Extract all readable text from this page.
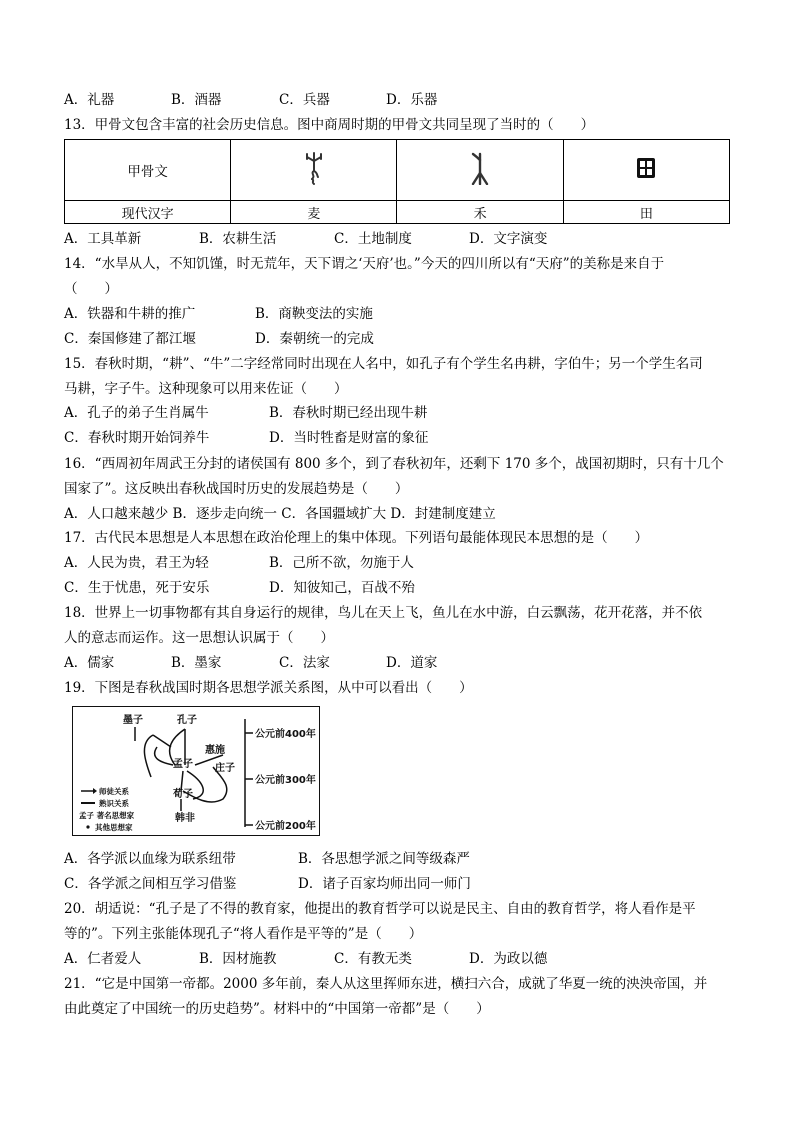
A．礼器	B．酒器	C．兵器	D．乐器
13．甲骨文包含丰富的社会历史信息。图中商周时期的甲骨文共同呈现了当时的（　　）
甲骨文			
现代汉字	麦	禾	田
A．工具革新	B．农耕生活	C．土地制度	D．文字演变
14．“水旱从人，不知饥馑，时无荒年，天下谓之‘天府’也。”今天的四川所以有“天府”的美称是来自于
（　　）
A．铁器和牛耕的推广	B．商鞅变法的实施
C．秦国修建了都江堰	D．秦朝统一的完成
15．春秋时期，“耕”、“牛”二字经常同时出现在人名中，如孔子有个学生名冉耕，字伯牛；另一个学生名司
马耕，字子牛。这种现象可以用来佐证（　　）
A．孔子的弟子生肖属牛	B．春秋时期已经出现牛耕
C．春秋时期开始饲养牛	D．当时牲畜是财富的象征
16．“西周初年周武王分封的诸侯国有 800 多个，到了春秋初年，还剩下 170 多个，战国初期时，只有十几个
国家了”。这反映出春秋战国时历史的发展趋势是（　　）
A．人口越来越少 B．逐步走向统一 C．各国疆域扩大 D．封建制度建立
17．古代民本思想是人本思想在政治伦理上的集中体现。下列语句最能体现民本思想的是（　　）
A．人民为贵，君王为轻	B．己所不欲，勿施于人
C．生于忧患，死于安乐	D．知彼知己，百战不殆
18．世界上一切事物都有其自身运行的规律，鸟儿在天上飞，鱼儿在水中游，白云飘荡，花开花落，并不依
人的意志而运作。这一思想认识属于（　　）
A．儒家	B．墨家	C．法家	D．道家
19．下图是春秋战国时期各思想学派关系图，从中可以看出（　　）
墨子	孔子
孟子 庄子
荀子
韩非
惠施
公元前400年
公元前300年
公元前200年
师徒关系
熟识关系
孟子 著名思想家
其他思想家
A．各学派以血缘为联系纽带	B．各思想学派之间等级森严
C．各学派之间相互学习借鉴	D．诸子百家均师出同一师门
20．胡适说：“孔子是了不得的教育家，他提出的教育哲学可以说是民主、自由的教育哲学，将人看作是平
等的”。下列主张能体现孔子“将人看作是平等的”是（　　）
A．仁者爱人	B．因材施教	C．有教无类	D．为政以德
21．“它是中国第一帝都。2000 多年前，秦人从这里挥师东进，横扫六合，成就了华夏一统的泱泱帝国，并
由此奠定了中国统一的历史趋势”。材料中的“中国第一帝都”是（　　）
